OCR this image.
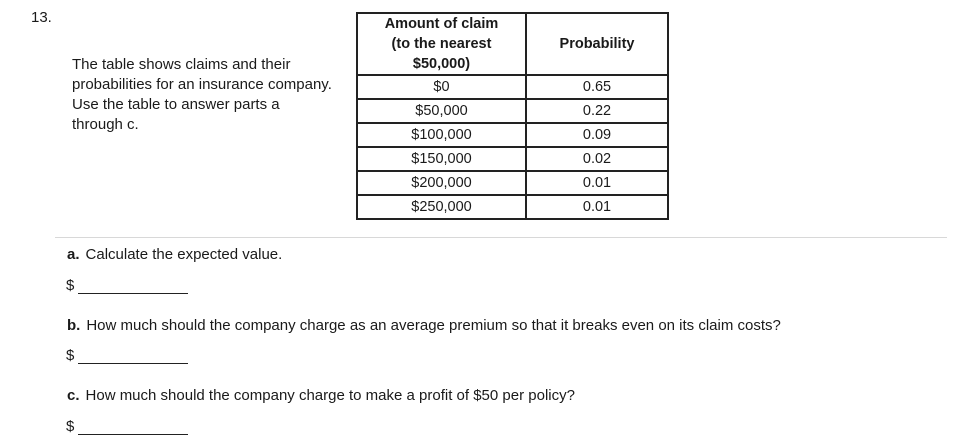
13.
The table shows claims and their probabilities for an insurance company. Use the table to answer parts a through c.
Amount of claim
(to the nearest
$50,000)	Probability
$0	0.65
$50,000	0.22
$100,000	0.09
$150,000	0.02
$200,000	0.01
$250,000	0.01
a. Calculate the expected value.
$
b. How much should the company charge as an average premium so that it breaks even on its claim costs?
$
c. How much should the company charge to make a profit of $50 per policy?
$
